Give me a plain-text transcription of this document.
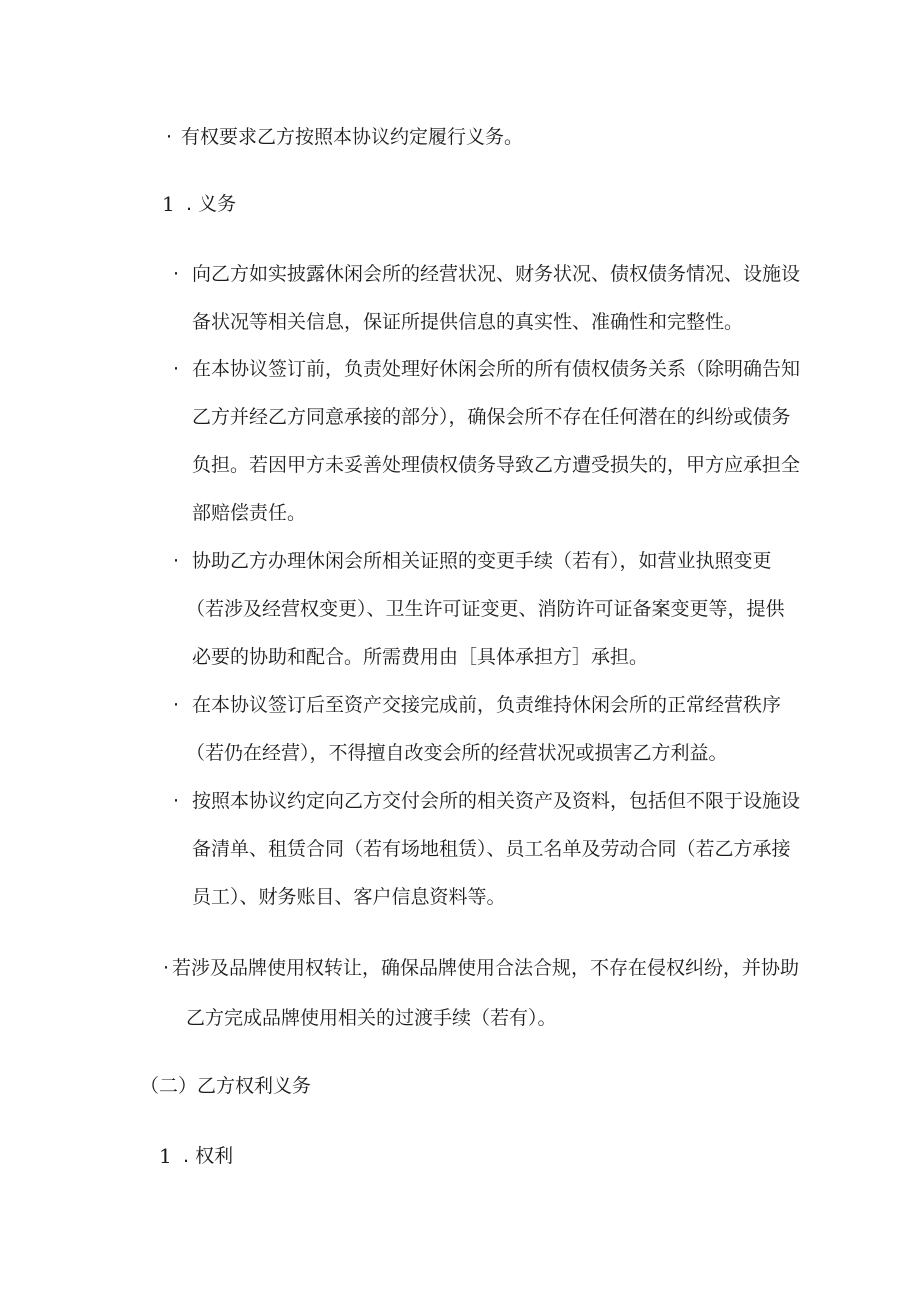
· 有权要求乙方按照本协议约定履行义务。
1 . 义务
· 向乙方如实披露休闲会所的经营状况、财务状况、债权债务情况、设施设
备状况等相关信息，保证所提供信息的真实性、准确性和完整性。
· 在本协议签订前，负责处理好休闲会所的所有债权债务关系（除明确告知
乙方并经乙方同意承接的部分），确保会所不存在任何潜在的纠纷或债务
负担。若因甲方未妥善处理债权债务导致乙方遭受损失的，甲方应承担全
部赔偿责任。
· 协助乙方办理休闲会所相关证照的变更手续（若有），如营业执照变更
（若涉及经营权变更）、卫生许可证变更、消防许可证备案变更等，提供
必要的协助和配合。所需费用由［具体承担方］承担。
· 在本协议签订后至资产交接完成前，负责维持休闲会所的正常经营秩序
（若仍在经营），不得擅自改变会所的经营状况或损害乙方利益。
· 按照本协议约定向乙方交付会所的相关资产及资料，包括但不限于设施设
备清单、租赁合同（若有场地租赁）、员工名单及劳动合同（若乙方承接
员工）、财务账目、客户信息资料等。
· 若涉及品牌使用权转让，确保品牌使用合法合规，不存在侵权纠纷，并协助
乙方完成品牌使用相关的过渡手续（若有）。
（二）乙方权利义务
1 . 权利
